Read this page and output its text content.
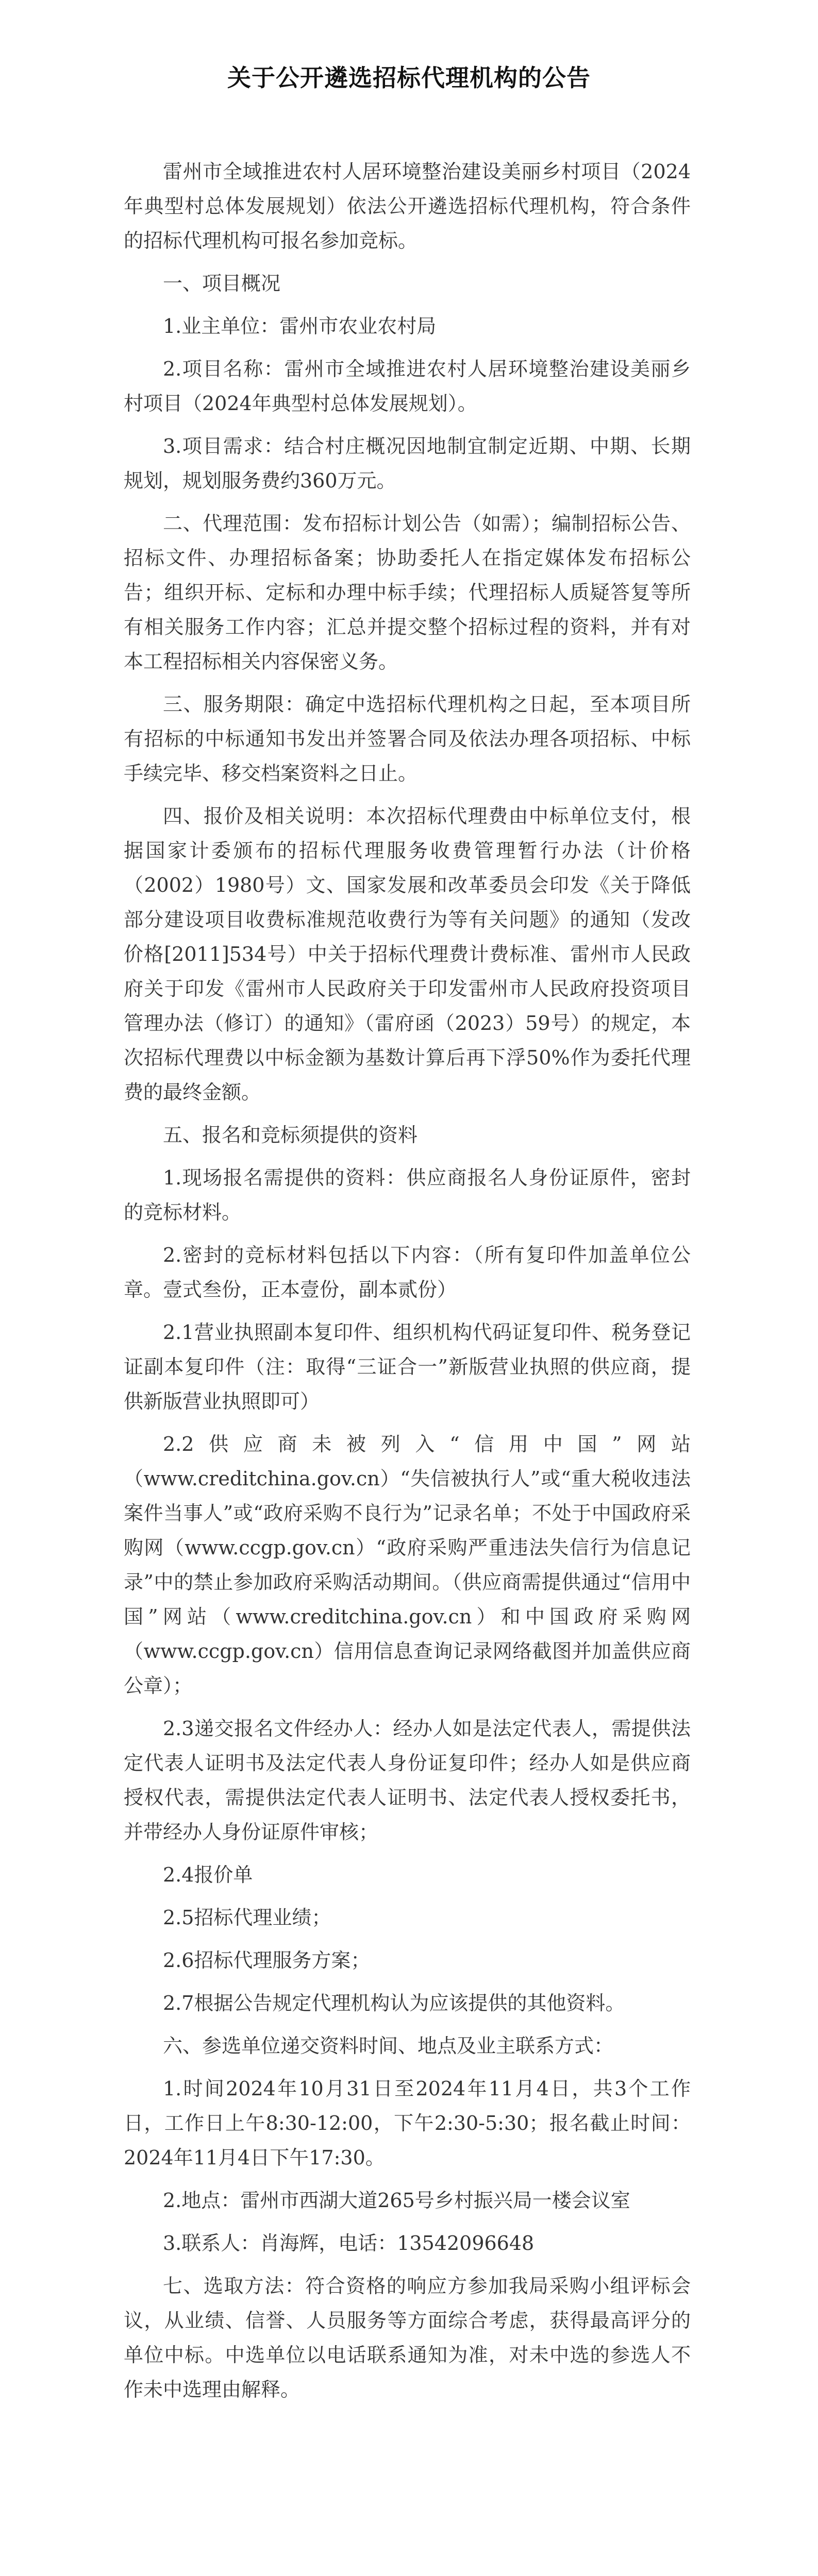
关于公开遴选招标代理机构的公告

雷州市全域推进农村人居环境整治建设美丽乡村项目（2024年典型村总体发展规划）依法公开遴选招标代理机构，符合条件的招标代理机构可报名参加竞标。

一、项目概况

1.业主单位：雷州市农业农村局

2.项目名称：雷州市全域推进农村人居环境整治建设美丽乡村项目（2024年典型村总体发展规划）。

3.项目需求：结合村庄概况因地制宜制定近期、中期、长期规划，规划服务费约360万元。

二、代理范围：发布招标计划公告（如需）；编制招标公告、招标文件、办理招标备案；协助委托人在指定媒体发布招标公告；组织开标、定标和办理中标手续；代理招标人质疑答复等所有相关服务工作内容；汇总并提交整个招标过程的资料，并有对本工程招标相关内容保密义务。

三、服务期限：确定中选招标代理机构之日起，至本项目所有招标的中标通知书发出并签署合同及依法办理各项招标、中标手续完毕、移交档案资料之日止。

四、报价及相关说明：本次招标代理费由中标单位支付，根据国家计委颁布的招标代理服务收费管理暂行办法（计价格（2002）1980号）文、国家发展和改革委员会印发《关于降低部分建设项目收费标准规范收费行为等有关问题》的通知（发改价格[2011]534号）中关于招标代理费计费标准、雷州市人民政府关于印发《雷州市人民政府关于印发雷州市人民政府投资项目管理办法（修订）的通知》（雷府函（2023）59号）的规定，本次招标代理费以中标金额为基数计算后再下浮50%作为委托代理费的最终金额。

五、报名和竞标须提供的资料

1.现场报名需提供的资料：供应商报名人身份证原件，密封的竞标材料。

2.密封的竞标材料包括以下内容：（所有复印件加盖单位公章。壹式叁份，正本壹份，副本贰份）

2.1营业执照副本复印件、组织机构代码证复印件、税务登记证副本复印件（注：取得“三证合一”新版营业执照的供应商，提供新版营业执照即可）

2.2供应商未被列入“信用中国”网站（www.creditchina.gov.cn）“失信被执行人”或“重大税收违法案件当事人”或“政府采购不良行为”记录名单；不处于中国政府采购网（www.ccgp.gov.cn）“政府采购严重违法失信行为信息记录”中的禁止参加政府采购活动期间。（供应商需提供通过“信用中国”网站（www.creditchina.gov.cn）和中国政府采购网（www.ccgp.gov.cn）信用信息查询记录网络截图并加盖供应商公章）；

2.3递交报名文件经办人：经办人如是法定代表人，需提供法定代表人证明书及法定代表人身份证复印件；经办人如是供应商授权代表，需提供法定代表人证明书、法定代表人授权委托书，并带经办人身份证原件审核；

2.4报价单

2.5招标代理业绩；

2.6招标代理服务方案；

2.7根据公告规定代理机构认为应该提供的其他资料。

六、参选单位递交资料时间、地点及业主联系方式：

1.时间2024年10月31日至2024年11月4日，共3个工作日，工作日上午8:30-12:00，下午2:30-5:30；报名截止时间：2024年11月4日下午17:30。

2.地点：雷州市西湖大道265号乡村振兴局一楼会议室

3.联系人：肖海辉，电话：13542096648

七、选取方法：符合资格的响应方参加我局采购小组评标会议，从业绩、信誉、人员服务等方面综合考虑，获得最高评分的单位中标。中选单位以电话联系通知为准，对未中选的参选人不作未中选理由解释。
